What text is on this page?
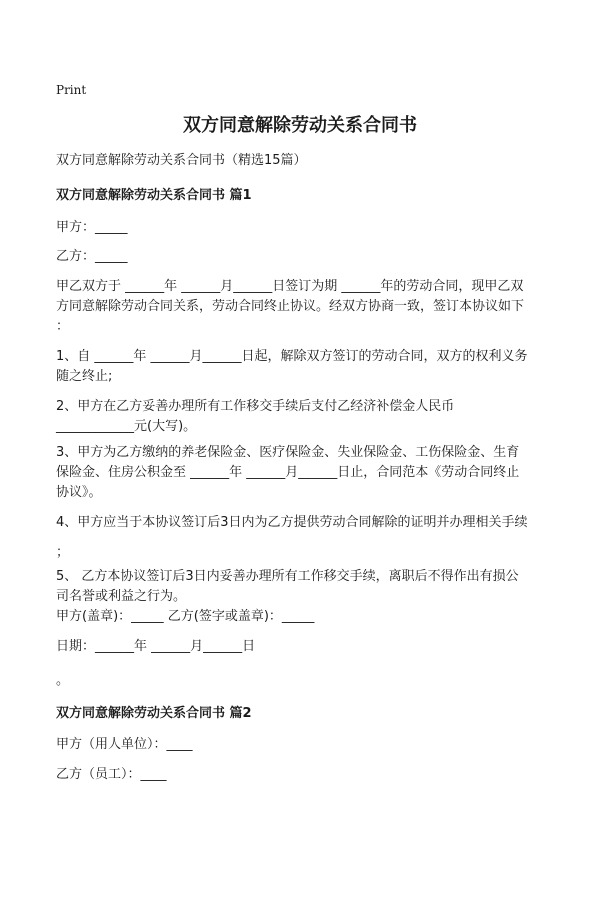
Print
双方同意解除劳动关系合同书
双方同意解除劳动关系合同书（精选15篇）
双方同意解除劳动关系合同书 篇1
甲方：_____
乙方：_____
甲乙双方于 ______年 ______月______日签订为期 ______年的劳动合同，现甲乙双
方同意解除劳动合同关系，劳动合同终止协议。经双方协商一致，签订本协议如下
：
1、自 ______年 ______月______日起，解除双方签订的劳动合同，双方的权利义务
随之终止;
2、甲方在乙方妥善办理所有工作移交手续后支付乙经济补偿金人民币
____________元(大写)。
3、甲方为乙方缴纳的养老保险金、医疗保险金、失业保险金、工伤保险金、生育
保险金、住房公积金至 ______年 ______月______日止，合同范本《劳动合同终止
协议》。
4、甲方应当于本协议签订后3日内为乙方提供劳动合同解除的证明并办理相关手续
；
5、 乙方本协议签订后3日内妥善办理所有工作移交手续，离职后不得作出有损公
司名誉或利益之行为。
甲方(盖章)：_____ 乙方(签字或盖章)：_____
日期：______年 ______月______日
。
双方同意解除劳动关系合同书 篇2
甲方（用人单位）：____
乙方（员工）：____
